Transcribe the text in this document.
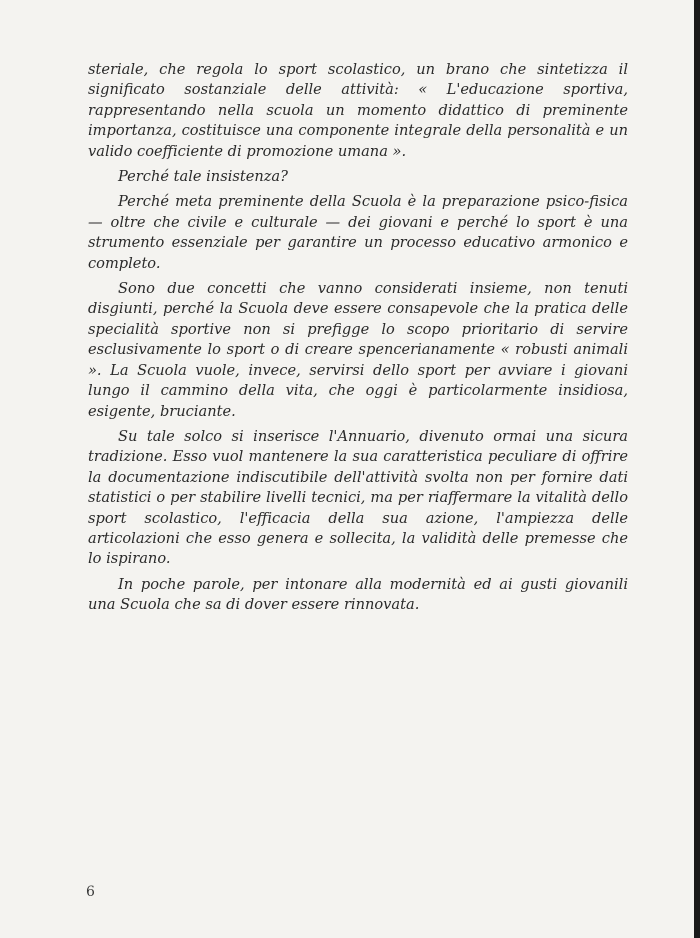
steriale, che regola lo sport scolastico, un brano che sintetizza il significato sostanziale delle attività: « L'educazione sportiva, rappresentando nella scuola un momento didattico di preminente importanza, costituisce una componente integrale della personalità e un valido coefficiente di promozione umana ».

Perché tale insistenza?

Perché meta preminente della Scuola è la preparazione psico-fisica — oltre che civile e culturale — dei giovani e perché lo sport è una strumento essenziale per garantire un processo educativo armonico e completo.

Sono due concetti che vanno considerati insieme, non tenuti disgiunti, perché la Scuola deve essere consapevole che la pratica delle specialità sportive non si prefigge lo scopo prioritario di servire esclusivamente lo sport o di creare spencerianamente « robusti animali ». La Scuola vuole, invece, servirsi dello sport per avviare i giovani lungo il cammino della vita, che oggi è particolarmente insidiosa, esigente, bruciante.

Su tale solco si inserisce l'Annuario, divenuto ormai una sicura tradizione. Esso vuol mantenere la sua caratteristica peculiare di offrire la documentazione indiscutibile dell'attività svolta non per fornire dati statistici o per stabilire livelli tecnici, ma per riaffermare la vitalità dello sport scolastico, l'efficacia della sua azione, l'ampiezza delle articolazioni che esso genera e sollecita, la validità delle premesse che lo ispirano.

In poche parole, per intonare alla modernità ed ai gusti giovanili una Scuola che sa di dover essere rinnovata.

6
